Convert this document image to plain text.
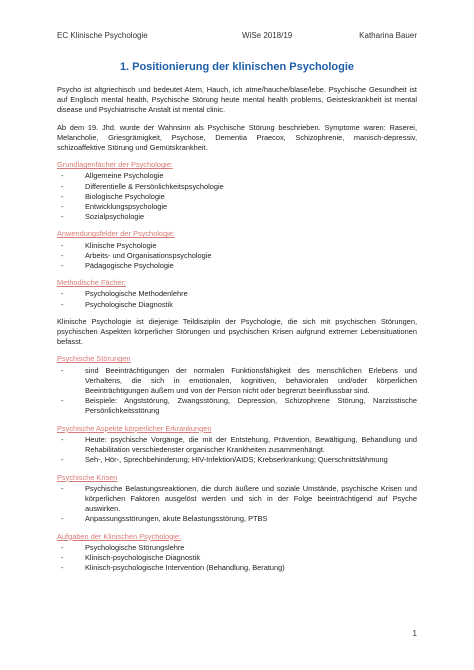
EC Klinische Psychologie	WiSe 2018/19	Katharina Bauer
1. Positionierung der klinischen Psychologie

Psycho ist altgriechisch und bedeutet Atem, Hauch, ich atme/hauche/blase/lebe. Psychische Gesundheit ist auf Englisch mental health, Psychische Störung heute mental health problems, Geisteskrankheit ist mental disease und Psychiatrische Anstalt ist mental clinic.

Ab dem 19. Jhd. wurde der Wahnsinn als Psychische Störung beschrieben. Symptome waren: Raserei, Melancholie, Griesgrämigkeit, Psychose, Dementia Praecox, Schizophrenie, manisch-depressiv, schizoaffektive Störung und Gemütskrankheit.

Grundlagenfächer der Psychologie:
-	Allgemeine Psychologie
-	Differentielle & Persönlichkeitspsychologie
-	Biologische Psychologie
-	Entwicklungspsychologie
-	Sozialpsychologie
Anwendungsfelder der Psychologie:
-	Klinische Psychologie
-	Arbeits- und Organisationspsychologie
-	Pädagogische Psychologie
Methodische Fächer:
-	Psychologische Methodenlehre
-	Psychologische Diagnostik

Klinische Psychologie ist diejenige Teildisziplin der Psychologie, die sich mit psychischen Störungen, psychischen Aspekten körperlicher Störungen und psychischen Krisen aufgrund extremer Lebensituationen befasst.

Psychische Störungen
-	sind Beeinträchtigungen der normalen Funktionsfähigkeit des menschlichen Erlebens und Verhaltens, die sich in emotionalen, kognitiven, behavioralen und/oder körperlichen Beeinträchtigungen äußern und von der Person nicht oder begrenzt beeinflussbar sind.
-	Beispiele: Angststörung, Zwangsstörung, Depression, Schizophrene Störung, Narzisstische Persönlichkeitsstörung
Psychische Aspekte körperlicher Erkrankungen
-	Heute: psychische Vorgänge, die mit der Entstehung, Prävention, Bewältigung, Behandlung und Rehabilitation verschiedenster organischer Krankheiten zusammenhängt.
-	Seh-, Hör-, Sprechbehinderung; HIV-Infektion/AIDS; Krebserkrankung; Querschnittslähmung
Psychische Krisen
-	Psychische Belastungsreaktionen, die durch äußere und soziale Umstände, psychische Krisen und körperlichen Faktoren ausgelöst werden und sich in der Folge beeinträchtigend auf Psyche auswirken.
-	Anpassungsstörungen, akute Belastungsstörung, PTBS
Aufgaben der Klinischen Psychologie:
-	Psychologische Störungslehre
-	Klinisch-psychologische Diagnostik
-	Klinisch-psychologische Intervention (Behandlung, Beratung)
1
